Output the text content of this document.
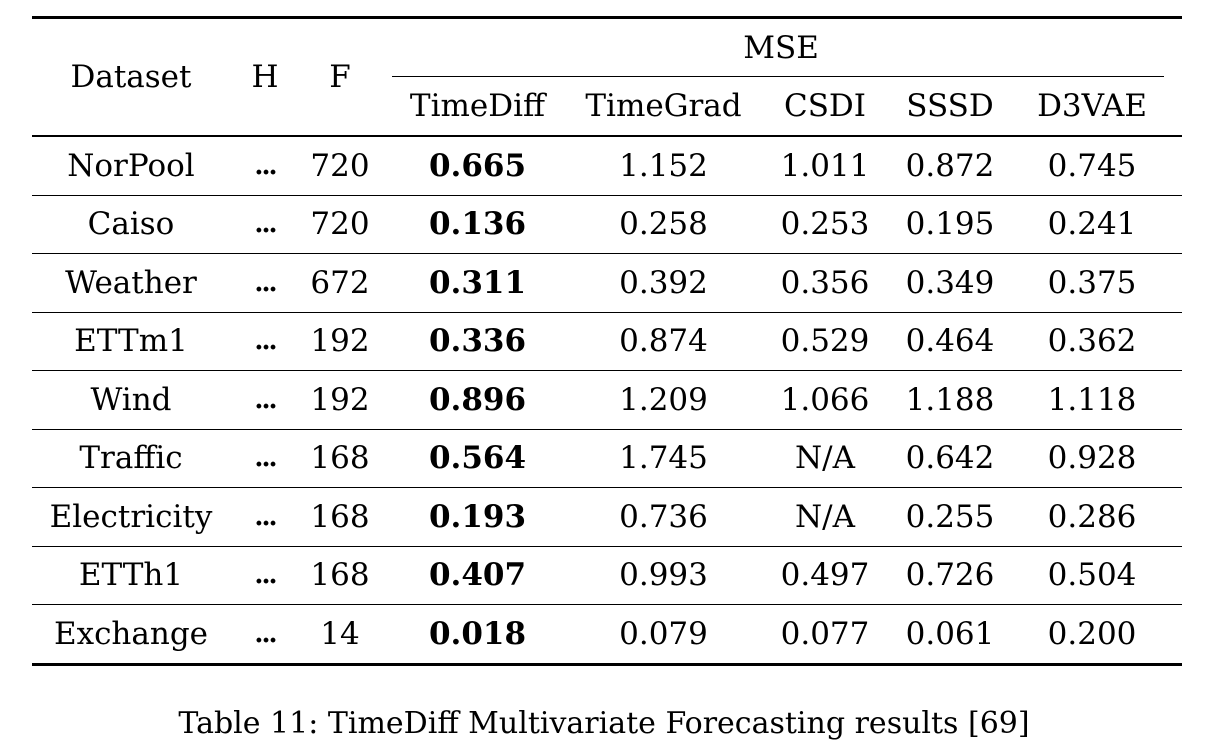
Dataset	H	F	MSE				
			TimeDiff	TimeGrad	CSDI	SSSD	D3VAE
NorPool	...	720	0.665	1.152	1.011	0.872	0.745
Caiso	...	720	0.136	0.258	0.253	0.195	0.241
Weather	...	672	0.311	0.392	0.356	0.349	0.375
ETTm1	...	192	0.336	0.874	0.529	0.464	0.362
Wind	...	192	0.896	1.209	1.066	1.188	1.118
Traffic	...	168	0.564	1.745	N/A	0.642	0.928
Electricity	...	168	0.193	0.736	N/A	0.255	0.286
ETTh1	...	168	0.407	0.993	0.497	0.726	0.504
Exchange	...	14	0.018	0.079	0.077	0.061	0.200
Table 11: TimeDiff Multivariate Forecasting results [69]
